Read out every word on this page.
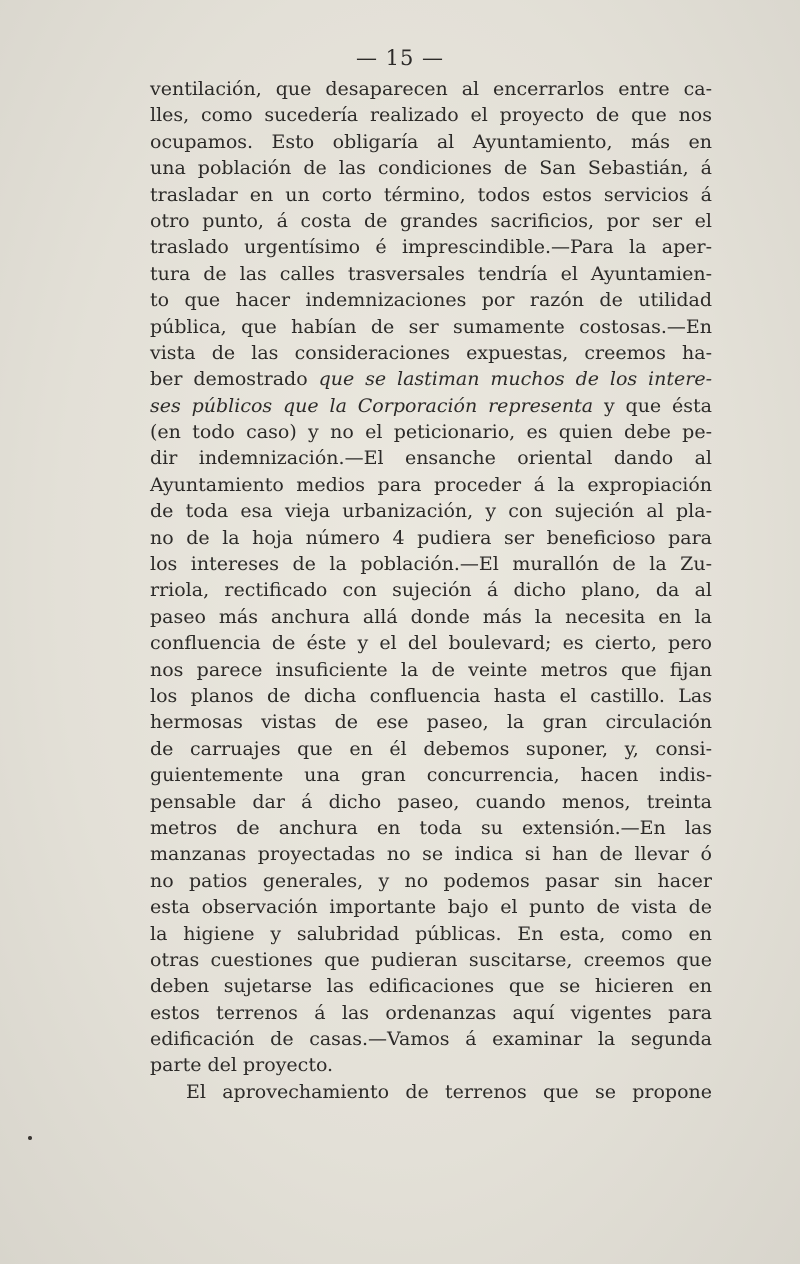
— 15 —
ventilación, que desaparecen al encerrarlos entre ca-
lles, como sucedería realizado el proyecto de que nos
ocupamos. Esto obligaría al Ayuntamiento, más en
una población de las condiciones de San Sebastián, á
trasladar en un corto término, todos estos servicios á
otro punto, á costa de grandes sacrificios, por ser el
traslado urgentísimo é imprescindible.—Para la aper-
tura de las calles trasversales tendría el Ayuntamien-
to que hacer indemnizaciones por razón de utilidad
pública, que habían de ser sumamente costosas.—En
vista de las consideraciones expuestas, creemos ha-
ber demostrado que se lastiman muchos de los intere-
ses públicos que la Corporación representa y que ésta
(en todo caso) y no el peticionario, es quien debe pe-
dir indemnización.—El ensanche oriental dando al
Ayuntamiento medios para proceder á la expropiación
de toda esa vieja urbanización, y con sujeción al pla-
no de la hoja número 4 pudiera ser beneficioso para
los intereses de la población.—El murallón de la Zu-
rriola, rectificado con sujeción á dicho plano, da al
paseo más anchura allá donde más la necesita en la
confluencia de éste y el del boulevard; es cierto, pero
nos parece insuficiente la de veinte metros que fijan
los planos de dicha confluencia hasta el castillo. Las
hermosas vistas de ese paseo, la gran circulación
de carruajes que en él debemos suponer, y, consi-
guientemente una gran concurrencia, hacen indis-
pensable dar á dicho paseo, cuando menos, treinta
metros de anchura en toda su extensión.—En las
manzanas proyectadas no se indica si han de llevar ó
no patios generales, y no podemos pasar sin hacer
esta observación importante bajo el punto de vista de
la higiene y salubridad públicas. En esta, como en
otras cuestiones que pudieran suscitarse, creemos que
deben sujetarse las edificaciones que se hicieren en
estos terrenos á las ordenanzas aquí vigentes para
edificación de casas.—Vamos á examinar la segunda
parte del proyecto.
El aprovechamiento de terrenos que se propone
